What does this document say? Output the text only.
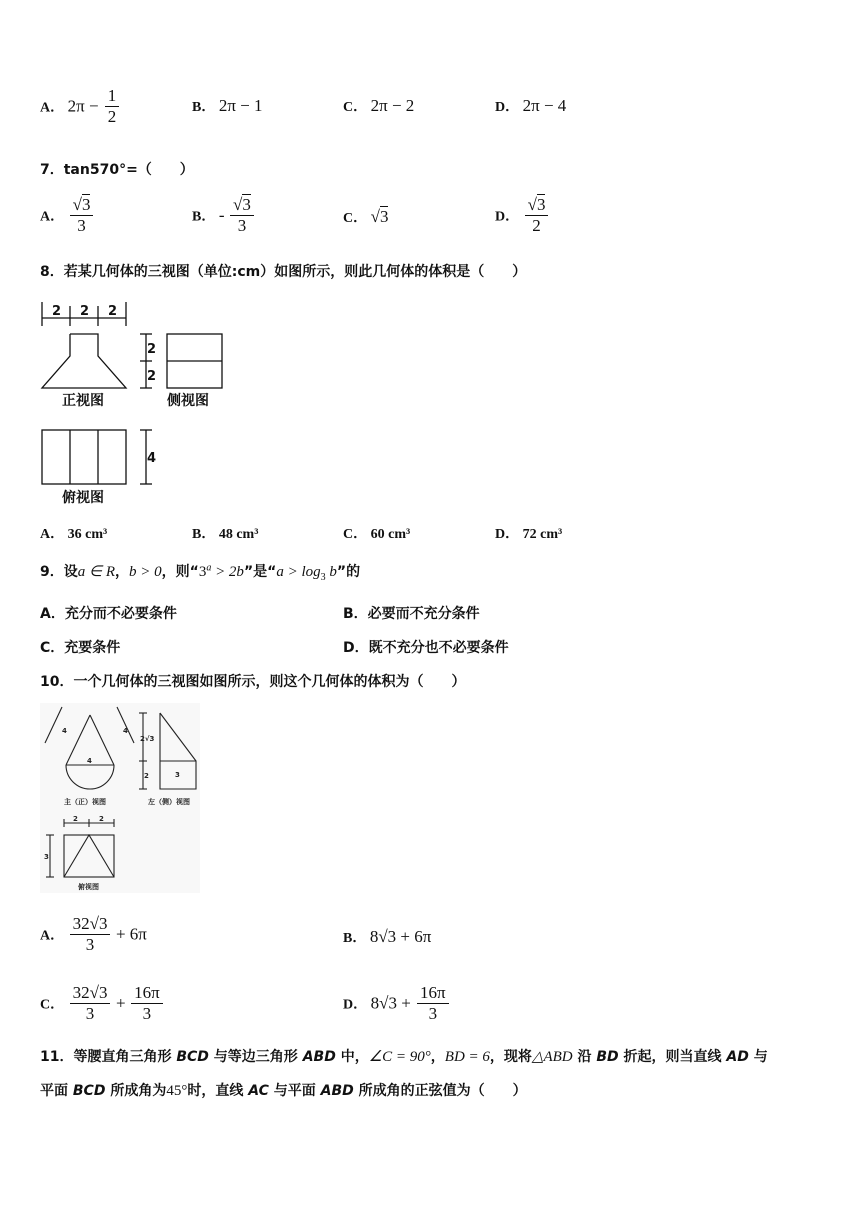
A． $2\pi - \frac{1}{2}$	B． 2π − 1	C． 2π − 2	D． 2π − 4
7．tan570°=（　　）
A． $\frac{√3}{3}$	B． - $\frac{√3}{3}$	C． √3	D． $\frac{√3}{2}$
8．若某几何体的三视图（单位:cm）如图所示，则此几何体的体积是（　　）
2 2 2
2
2
4
正视图	侧视图
俯视图
A． 36 cm³	B． 48 cm³	C． 60 cm³	D． 72 cm³
9．设a ∈ R，b > 0，则“$3^a > 2b$”是“$a > \log_3 b$”的
A．充分而不必要条件	B．必要而不充分条件
C．充要条件	D．既不充分也不必要条件
10．一个几何体的三视图如图所示，则这个几何体的体积为（　　）
4	4
4
2√3
2	3
2	2
3
主（正）视图	左（侧）视图
俯视图
A． $\frac{32√3}{3} + 6\pi$	B． 8√3 + 6π
C． $\frac{32√3}{3} + \frac{16\pi}{3}$	D． $8√3 + \frac{16\pi}{3}$
11．等腰直角三角形 BCD 与等边三角形 ABD 中，∠C = 90°，BD = 6，现将△ABD 沿 BD 折起，则当直线 AD 与
平面 BCD 所成角为45°时，直线 AC 与平面 ABD 所成角的正弦值为（　　）
